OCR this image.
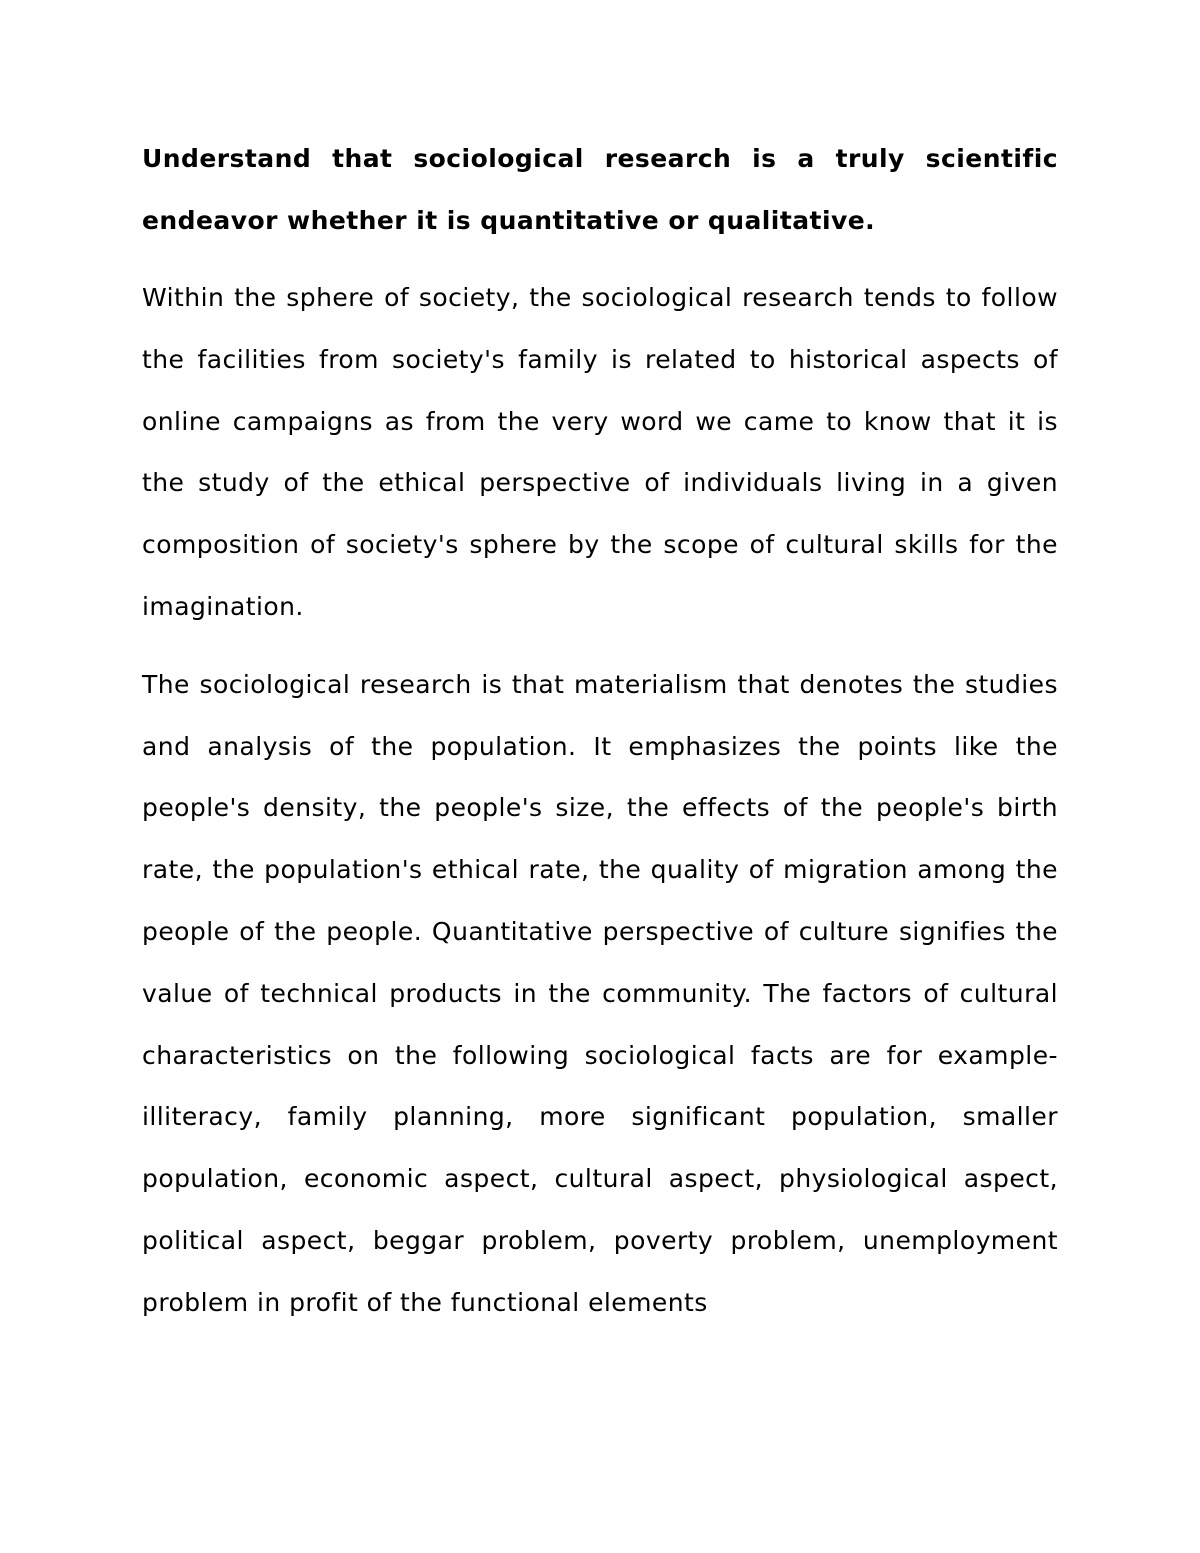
Understand that sociological research is a truly scientific endeavor whether it is quantitative or qualitative.

Within the sphere of society, the sociological research tends to follow the facilities from society's family is related to historical aspects of online campaigns as from the very word we came to know that it is the study of the ethical perspective of individuals living in a given composition of society's sphere by the scope of cultural skills for the imagination.

The sociological research is that materialism that denotes the studies and analysis of the population. It emphasizes the points like the people's density, the people's size, the effects of the people's birth rate, the population's ethical rate, the quality of migration among the people of the people. Quantitative perspective of culture signifies the value of technical products in the community. The factors of cultural characteristics on the following sociological facts are for example- illiteracy, family planning, more significant population, smaller population, economic aspect, cultural aspect, physiological aspect, political aspect, beggar problem, poverty problem, unemployment problem in profit of the functional elements
